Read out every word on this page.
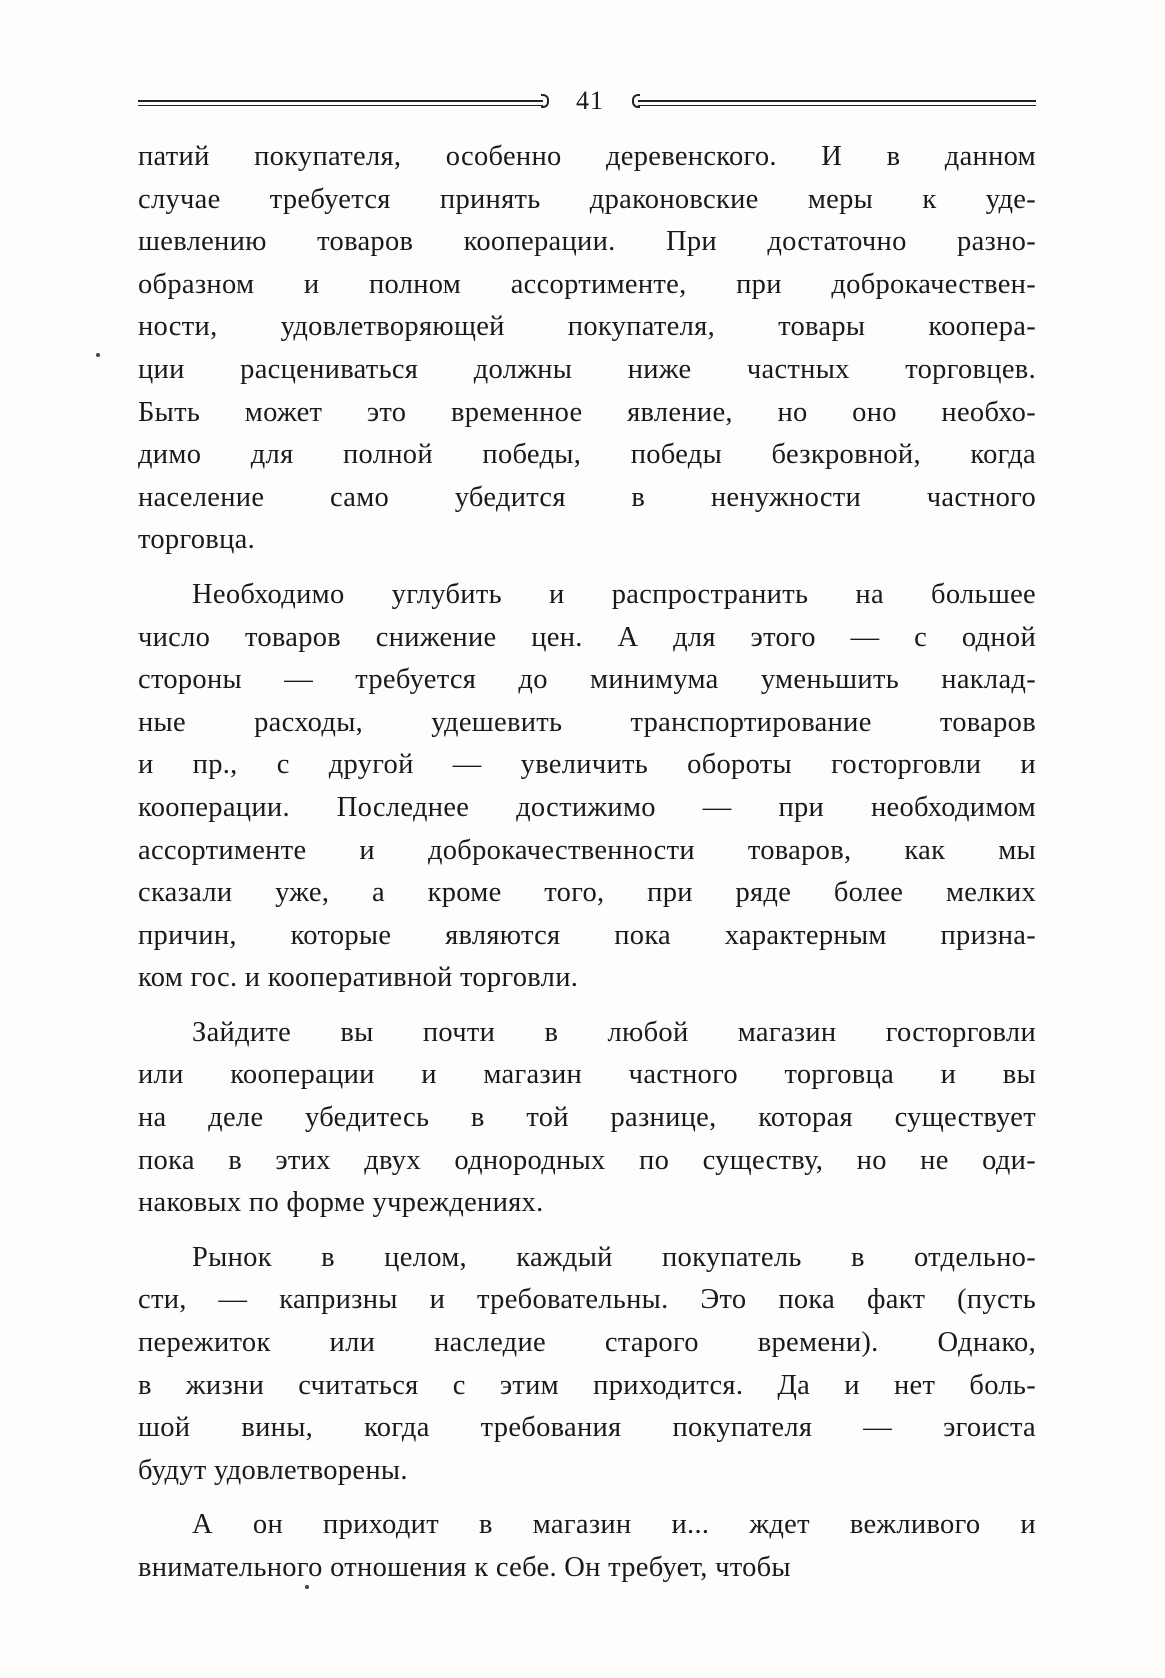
41
патий покупателя, особенно деревенского. И в данном
случае требуется принять драконовские меры к уде-
шевлению товаров кооперации. При достаточно разно-
образном и полном ассортименте, при доброкачествен-
ности, удовлетворяющей покупателя, товары коопера-
ции расцениваться должны ниже частных торговцев.
Быть может это временное явление, но оно необхо-
димо для полной победы, победы безкровной, когда
население само убедится в ненужности частного
торговца.
Необходимо углубить и распространить на большее
число товаров снижение цен. А для этого — с одной
стороны — требуется до минимума уменьшить наклад-
ные расходы, удешевить транспортирование товаров
и пр., с другой — увеличить обороты госторговли и
кооперации. Последнее достижимо — при необходимом
ассортименте и доброкачественности товаров, как мы
сказали уже, а кроме того, при ряде более мелких
причин, которые являются пока характерным призна-
ком гос. и кооперативной торговли.
Зайдите вы почти в любой магазин госторговли
или кооперации и магазин частного торговца и вы
на деле убедитесь в той разнице, которая существует
пока в этих двух однородных по существу, но не оди-
наковых по форме учреждениях.
Рынок в целом, каждый покупатель в отдельно-
сти, — капризны и требовательны. Это пока факт (пусть
пережиток или наследие старого времени). Однако,
в жизни считаться с этим приходится. Да и нет боль-
шой вины, когда требования покупателя — эгоиста
будут удовлетворены.
А он приходит в магазин и... ждет вежливого и
внимательного отношения к себе. Он требует, чтобы
